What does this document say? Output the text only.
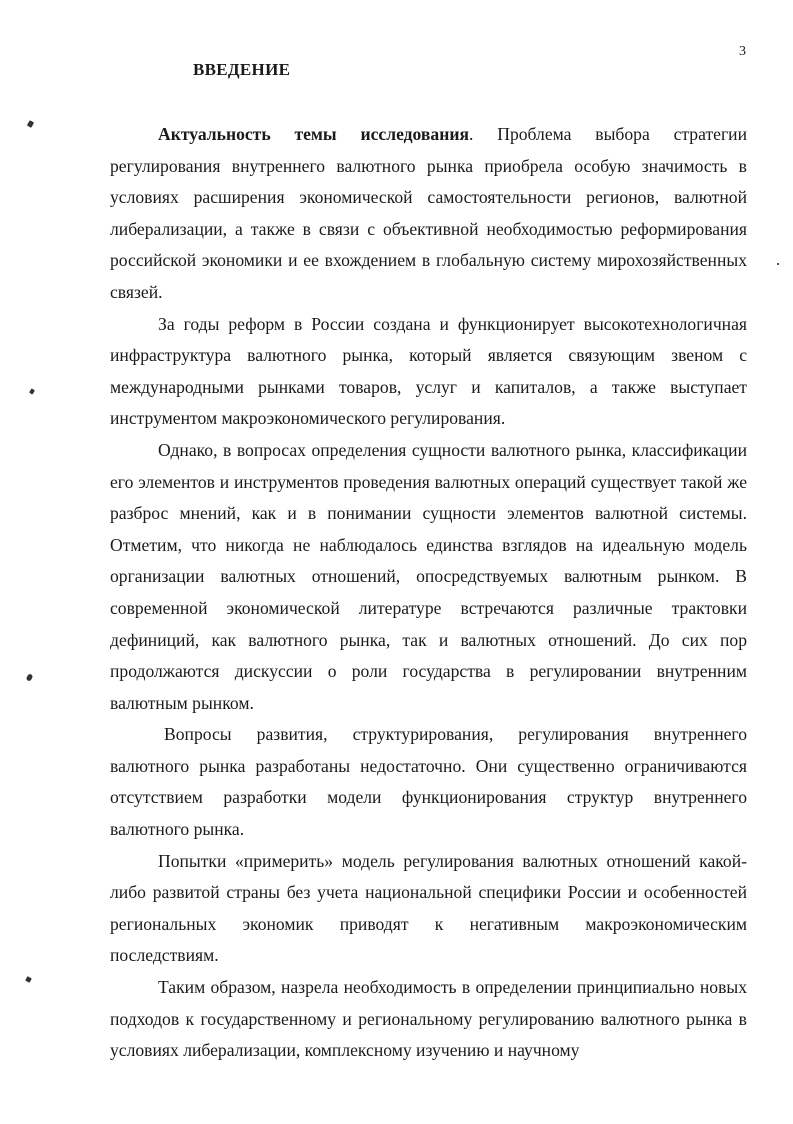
3
ВВЕДЕНИЕ

Актуальность темы исследования. Проблема выбора стратегии регулирования внутреннего валютного рынка приобрела особую значимость в условиях расширения экономической самостоятельности регионов, валютной либерализации, а также в связи с объективной необходимостью реформирования российской экономики и ее вхождением в глобальную систему мирохозяйственных связей.

За годы реформ в России создана и функционирует высокотехнологичная инфраструктура валютного рынка, который является связующим звеном с международными рынками товаров, услуг и капиталов, а также выступает инструментом макроэкономического регулирования.

Однако, в вопросах определения сущности валютного рынка, классификации его элементов и инструментов проведения валютных операций существует такой же разброс мнений, как и в понимании сущности элементов валютной системы. Отметим, что никогда не наблюдалось единства взглядов на идеальную модель организации валютных отношений, опосредствуемых валютным рынком. В современной экономической литературе встречаются различные трактовки дефиниций, как валютного рынка, так и валютных отношений. До сих пор продолжаются дискуссии о роли государства в регулировании внутренним валютным рынком.

Вопросы развития, структурирования, регулирования внутреннего валютного рынка разработаны недостаточно. Они существенно ограничиваются отсутствием разработки модели функционирования структур внутреннего валютного рынка.

Попытки «примерить» модель регулирования валютных отношений какой-либо развитой страны без учета национальной специфики России и особенностей региональных экономик приводят к негативным макроэкономическим последствиям.

Таким образом, назрела необходимость в определении принципиально новых подходов к государственному и региональному регулированию валютного рынка в условиях либерализации, комплексному изучению и научному
